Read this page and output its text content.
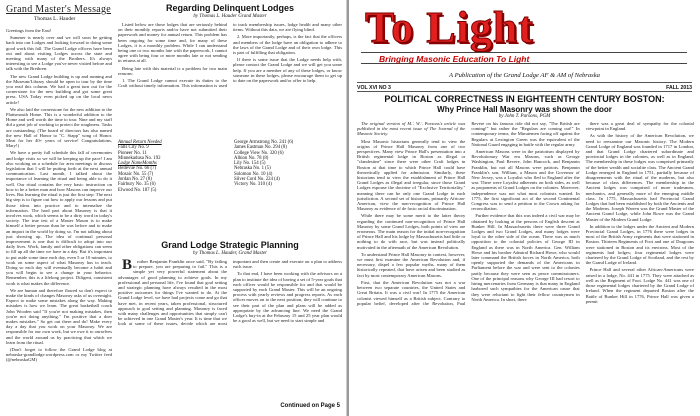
Grand Master's Message
Thomas L. Hauder

Greetings from the East!

Summer is nearly over and we will soon be getting back into our Lodges and looking forward to doing some good work this fall. The Grand Lodge officers have been out and about visiting Lodges across the state and meeting with many of the Brothers. It's always interesting to see a Lodge you've never visited before and talk with the Brethren.

The new Grand Lodge building is up and running and the Museum/Library should be open to tour by the time you read this column. We had a great turn out for the cornerstone for the new building and got some great press. USA Today even picked up on the local news article!

We also laid the cornerstone for the new addition to the Plattsmouth Home. This is a wonderful addition to the Home and well worth the time to tour. Nine and my staff did a great job of working to protect the roughness. Tasks are outstanding. (The board of directors has also named the new Hall of Honor to "C. Stapp" wing of Honor. Meat for her 40+ years of service! Congratulations, Mary!)

We have a pretty full schedule this fall of ceremonies and lodge visits so we will be keeping up the pace! I am also working on a schedule for area meetings to discuss legislation that I will be putting forth at the next annual communication. Last month, I talked about the importance of learning the ritual and being able to do it well. Our ritual contains the very basic instruction on how to be a better man and how Masons can improve our lives. But learning the ritual is just the first step. The next big step is to figure out how to apply our lessons and put those ideas into practice and to internalize the information. The hard part about Masonry is that it involves work, which seems to be a dirty word in today's society. The true test of a Master Mason is to make himself a better person than he was before and to make an impact in the world by doing so. I'm not talking about just showing up. The idea of continual personal improvement is one that is difficult to adopt into our daily lives. Work, family and other obligations can seem to fill up all the time we have in a day. But it's important to put aside some time each day, even 5 or 10 minutes, to work on some aspect of what Masonry has to teach. Doing so each day will eventually become a habit and you will begin to see a change in your behavior. Remember, this is a lifelong project. Diligent, consistent work is what makes the difference.

We are human and therefore flawed so don't expect to make the kinds of changes Masonry asks of us overnight. Expect to make some mistakes along the way. Making mistakes is how we learn. The great basketball coach John Wooden said "If you're not making mistakes, then you're not doing anything." I'm positive that a doer makes mistakes." So get out there and do! Make every day a day that you work on your Masonry. We are responsible for our own work, but we owe it to ourselves and the world around us by practicing that which we learn from the ritual.

(Don't forget to follow the Grand Lodge blog at nebraska-grandlodge.wordpress.com or my Twitter feed (@nebraskaGM)

Regarding Delinquent Lodges
by Thomas L. Hauder Grand Master

Listed below are those lodges that are seriously behind on their monthly reports and/or have not submitted their paperwork and money for annual return. This problem has been ongoing for some time and, for many of these Lodges, it is a monthly problem. While I can understand being one or two months late with the paperwork, I cannot agree with being four or more months late or not sending in returns at all.

Being late with this material is a problem for two main reasons:

1. The Grand Lodge cannot execute its duties to the Craft without timely information. This information is used to track membership issues, lodge health and many other items. Without this data, we are flying blind.

2. More importantly, perhaps, is the fact that the officers and members of the lodge have an obligation to adhere to the laws of the Grand Lodge and of their own lodge. This is part of fulfilling that obligation.

If there is some issue that the Lodge needs help with, please contact the Grand Lodge and we will get you some help. If you are a member of any of these lodges, or know someone in these lodges, please encourage them to get up to date on the paperwork and/or offer to help.

Annual Return Needed
Falls City No. 9
Pioneer No. 11
Minnekadusa No. 192
Lodge NameMonths
Bellevue No. 66 (7)
Mosaic No. 55 (7)
Jordan No. 27 (8)
Fairbury No. 35 (6)
Elwood No. 187 (5)
George Armstrong No. 241 (6)
James Eastman No. 294 (8)
College View No. 320 (6)
Albion No. 78 (8)
Lily No. 154 (5)
Nebraska No. 1 (5)
Solomon No. 10 (4)
Silver Cord No. 224 (4)
Victory No. 310 (4)
Grand Lodge Strategic Planning
by Thomas L. Hauder, Grand Master

B rother Benjamin Franklin once said, "By failing to prepare, you are preparing to fail." This is a simple yet very powerful statement about the advantages of good planning to achieve goals. In my professional and personal life, I've found that goal setting and strategic planning have always resulted in the most positive outcomes for things I've wanted to do. At the Grand Lodge level, we have had projects come and go that have met, in recent years, taken professional, structured approach to goal setting and planning. Masonry is faced with many challenges and opportunities that simply can't be achieved in one Grand Master's year. It is time that we look at some of these issues, decide which are most important and then create and execute on a plan to address each issue.

To that end, I have been working with the advisors on a plan to institute the idea of having a set of 5-year goals that each officer would be responsible for and that would be supported by each Grand Master. This will be an ongoing process with yearly reviews and progress reports. As each officer moves on to the next position, they will continue to see their part of the plan and plans will be added as appropriate by the advancing line. We need the Grand Lodge's buy-in at the February 15 and 25 year plan would be a good as well, but we need to start simple and

Continued on Page 5
To Light
Bringing Masonic Education To Light
A Publication of the Grand Lodge AF & AM of Nebraska
VOL XVI NO 3	FALL 2013
POLITICAL CORRECTNESS IN EIGHTEENTH CENTURY BOSTON:
Why Prince Hall Masonry was shown the door
by John T. Parsons, PGM

The original version of M∴ W∴ Parsons's article was published in the most recent issue of The Journal of the Masonic Society.

Most Masonic historians generally tend to view the origins of Prince Hall Masonry from one of two perspectives. Many view Prince Hall's presentation into a British regimental lodge in Boston as illegal or "clandestine" since there were other Craft lodges in Boston at that time to which Prince Hall could have theoretically applied for admission. Similarly, these historians tend to view the establishment of Prince Hall Grand Lodges as illegal and irregular, since those Grand Lodges espouse the doctrine of "Exclusive Territoriality," meaning there can be only one Grand Lodge in each jurisdiction. A second set of historians, primarily African-American, view the non-recognition of Prince Hall Masonry as evidence of de facto racial discrimination.

While there may be some merit to the latter theory regarding the continued non-recognition of Prince Hall Masonry by some Grand Lodges, both points of view are erroneous. The main reason for the initial non-recognition of Prince Hall and his lodge by Massachusetts had little or nothing to do with race, but was instead politically motivated in the aftermath of the American Revolution.

To understand Prince Hall Masonry in context, however, we must first examine the American Revolution and, if necessary, dispel a few popular myths, many of them historically repeated, that have arisen and been studied as fact by most contemporary American Masons.

First, that the American Revolution was not a war between two separate countries, the United States and Great Britain. It was a civil war! In 1775 the American colonist viewed himself as a British subject. Contrary to popular belief, developed after the Revolution, Paul Revere on his famous ride did not say, "The British are coming!" but rather the "Regulars are coming out!" In contemporary terms, the Minutemen facing off against the Regulars at Lexington Green was the equivalent of the National Guard engaging in battle with the regular army.

American Masons were in the patriotism displayed by Revolutionary War era Masons, such as George Washington, Paul Revere, John Hancock, and Benjamin Franklin, but not all Masons were patriots. Benjamin Franklin's son, William, a Mason and the Governor of New Jersey, was a Loyalist who fled to England after the war. There were Loyalist adherents on both sides, as well as proponents of Grand Lodges on the colonies. Moreover, independence was not what most colonists wanted. In 1775, the first significant act of the second Continental Congress was to send a petition to the Crown asking for reconciliation.

Further evidence that this was indeed a civil war may be obtained by looking at the persons of English descent at Bunker Hill. In Massachusetts there were three Grand Lodges and two Grand Lodges, and many lodges were loyal to the other side of the ocean. There was as much opposition to the colonial policies of George III in England as there was in North America. Gen. William Howe and his brother Admiral Richard Howe, who would later command the British forces in North America, both openly supported the demands of the Americans in Parliament before the war and were sent to the colonies partly because they were seen as peace commissioners. One of the principal reasons why George III had resort to hiring mercenaries from Germany is that many in England harbored such sympathies for the American cause that they were reluctant to fight their fellow countrymen in North America. In short, there

there was a great deal of sympathy for the colonial viewpoint in England.

As with the history of the American Revolution, we need to reexamine our Masonic history. The Modern Grand Lodge of England was founded in 1717 in London, and that Grand Lodge chartered subordinate and provincial lodges in the colonies, as well as in England. The membership in these lodges was comprised primarily of the better wealth and socialite class. The Ancient Grand Lodge emerged in England in 1751, partially because of disagreements with the ritual of the moderns, but also because of class differences. The membership in the Ancient lodges was comprised of more tradesmen, mechanics, and generally more of the emerging middle class. In 1775, Massachusetts had Provincial Grand Lodges that had been established by both the Ancients and the Moderns. Joseph Warren was the Grand Master of the Ancient Grand Lodge, while John Rowe was the Grand Master of the Modern Grand Lodge.

In addition to the lodges under the Ancient and Modern Provincial Grand Lodges, in 1776 there were lodges in most of the British Army regiments that were stationed in Boston. Thirteen Regiments of Foot and one of Dragoons were stationed in Boston and its environs. Most of the regiments had lodges; four regimental lodges were chartered by the Grand Lodge of Scotland, and the rest by the Grand Lodge of Ireland.

Prince Hall and several other African-Americans were raised in a lodge, No. 441 in 1775. They were attached as well as the Regiment of Foot. Lodge No. 441 was one of those regimental lodges chartered by the Grand Lodge of Ireland. When the regiment departed Boston after the Battle of Bunker Hill in 1776, Prince Hall was given a permit
